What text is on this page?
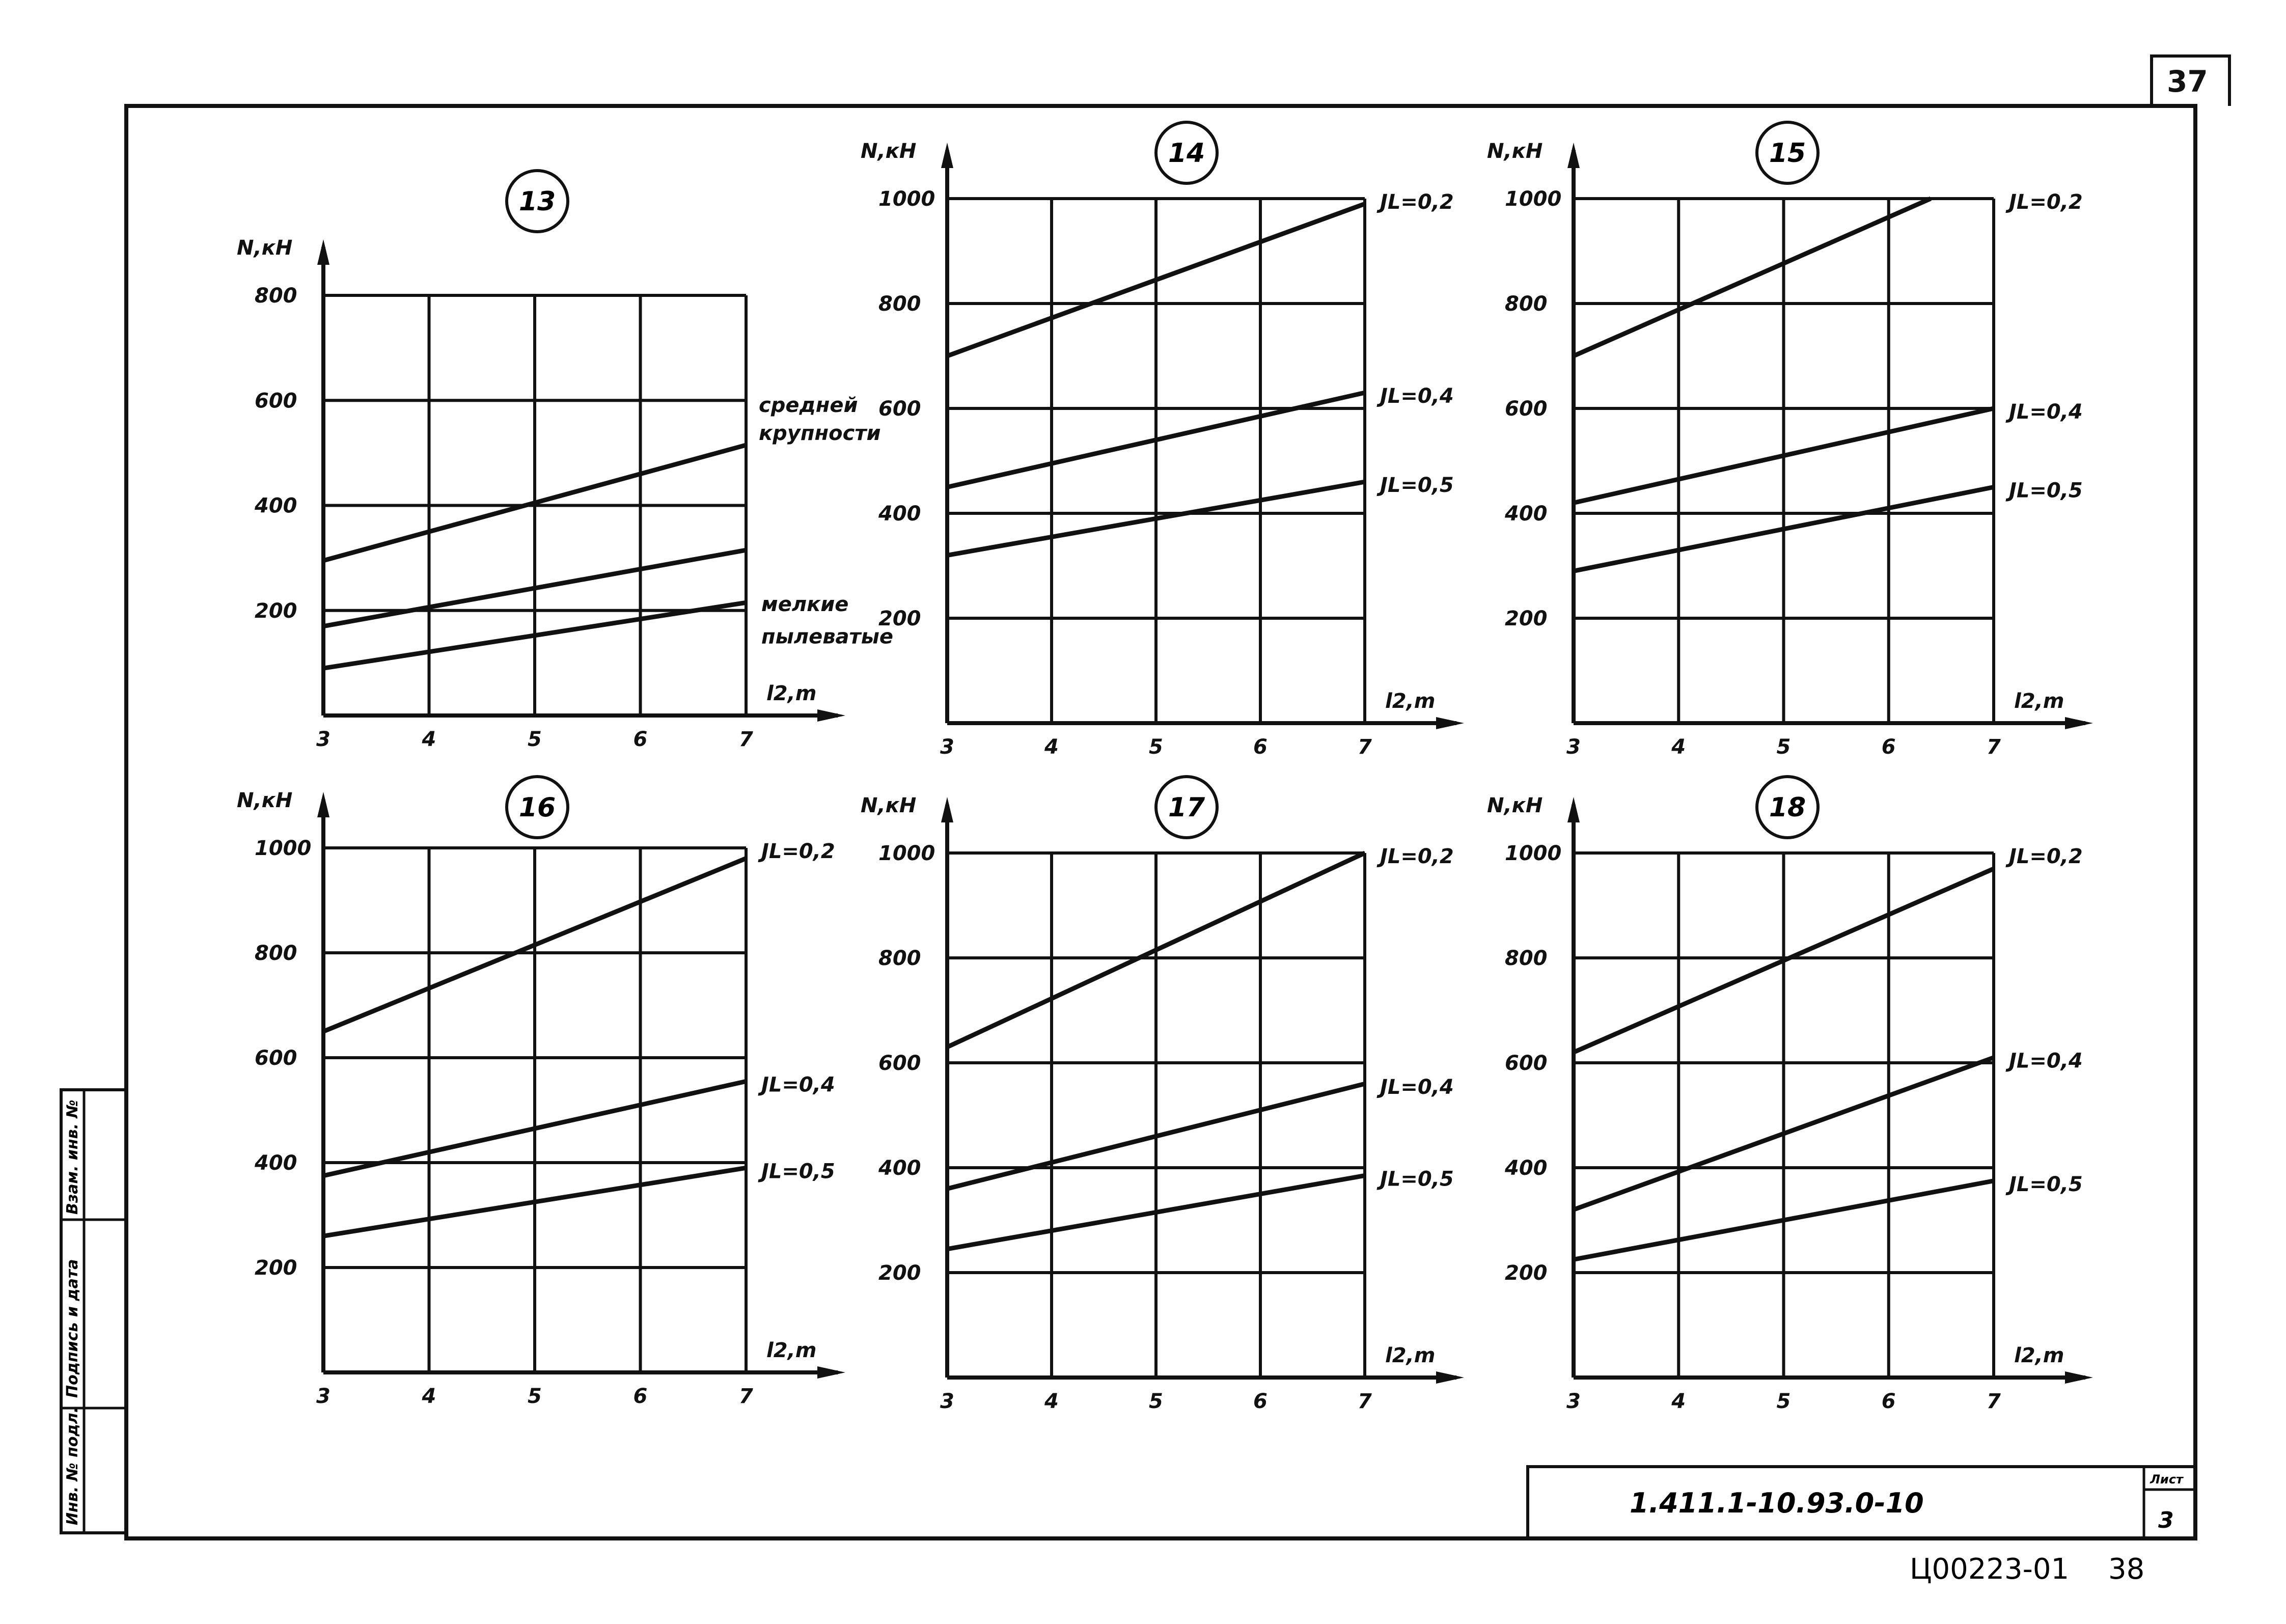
37
Инв. № подл.
Подпись и дата
Взам. инв. №
1.411.1-10.93.0-10
Лист
3
Ц00223-01 38
200
400
600
800
3	4	5	6	7
N,кН
l2,m
13
средней
крупности
мелкие
пылеватые
200
400
600
800
1000
3	4	5	6	7
N,кН
l2,m
14
JL=0,2
JL=0,4
JL=0,5
200
400
600
800
1000
3	4	5	6	7
N,кН
l2,m
15
JL=0,2
JL=0,4
JL=0,5
200
400
600
800
1000
3	4	5	6	7
N,кН
l2,m
16
JL=0,2
JL=0,4
JL=0,5
200
400
600
800
1000
3	4	5	6	7
N,кН
l2,m
17
JL=0,2
JL=0,4
JL=0,5
200
400
600
800
1000
3	4	5	6	7
N,кН
l2,m
18
JL=0,2
JL=0,4
JL=0,5
